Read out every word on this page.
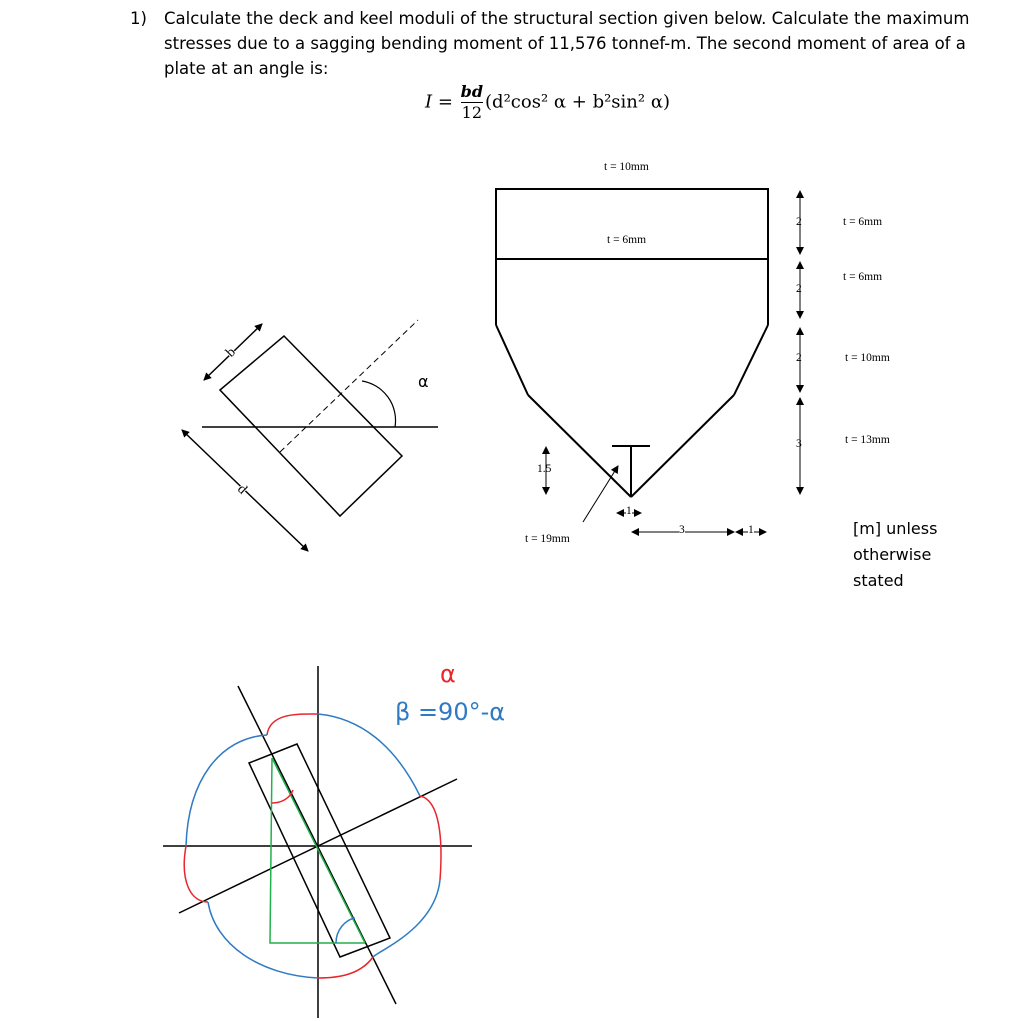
1) Calculate the deck and keel moduli of the structural section given below. Calculate the maximum stresses due to a sagging bending moment of 11,576 tonnef-m. The second moment of area of a plate at an angle is:
$I = \frac{bd}{12} (d^2\cos^2$ α + b²sin² α)
t = 10mm
t = 6mm
t = 6mm
t = 6mm
t = 10mm
t = 13mm
t = 19mm
2
2
2
3
1.5
1
3	1
b
d
α
[m] unless
otherwise
stated
α
β =90°-α
